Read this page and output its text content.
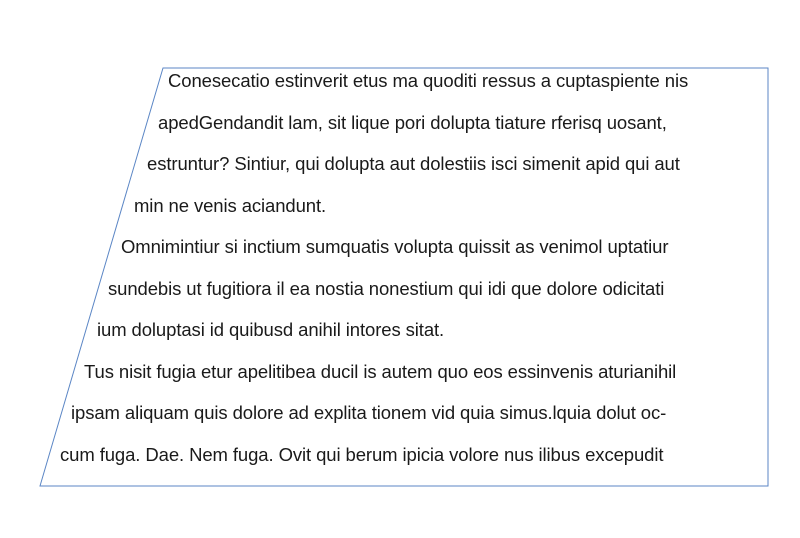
Conesecatio estinverit etus ma quoditi ressus a cuptaspiente nis
apedGendandit lam, sit lique pori dolupta tiature rferisq uosant,
estruntur? Sintiur, qui dolupta aut dolestiis isci simenit apid qui aut
min ne venis aciandunt.
Omnimintiur si inctium sumquatis volupta quissit as venimol uptatiur
sundebis ut fugitiora il ea nostia nonestium qui idi que dolore odicitati
ium doluptasi id quibusd anihil intores sitat.
Tus nisit fugia etur apelitibea ducil is autem quo eos essinvenis aturianihil
ipsam aliquam quis dolore ad explita tionem vid quia simus.lquia dolut oc-
cum fuga. Dae. Nem fuga. Ovit qui berum ipicia volore nus ilibus excepudit
